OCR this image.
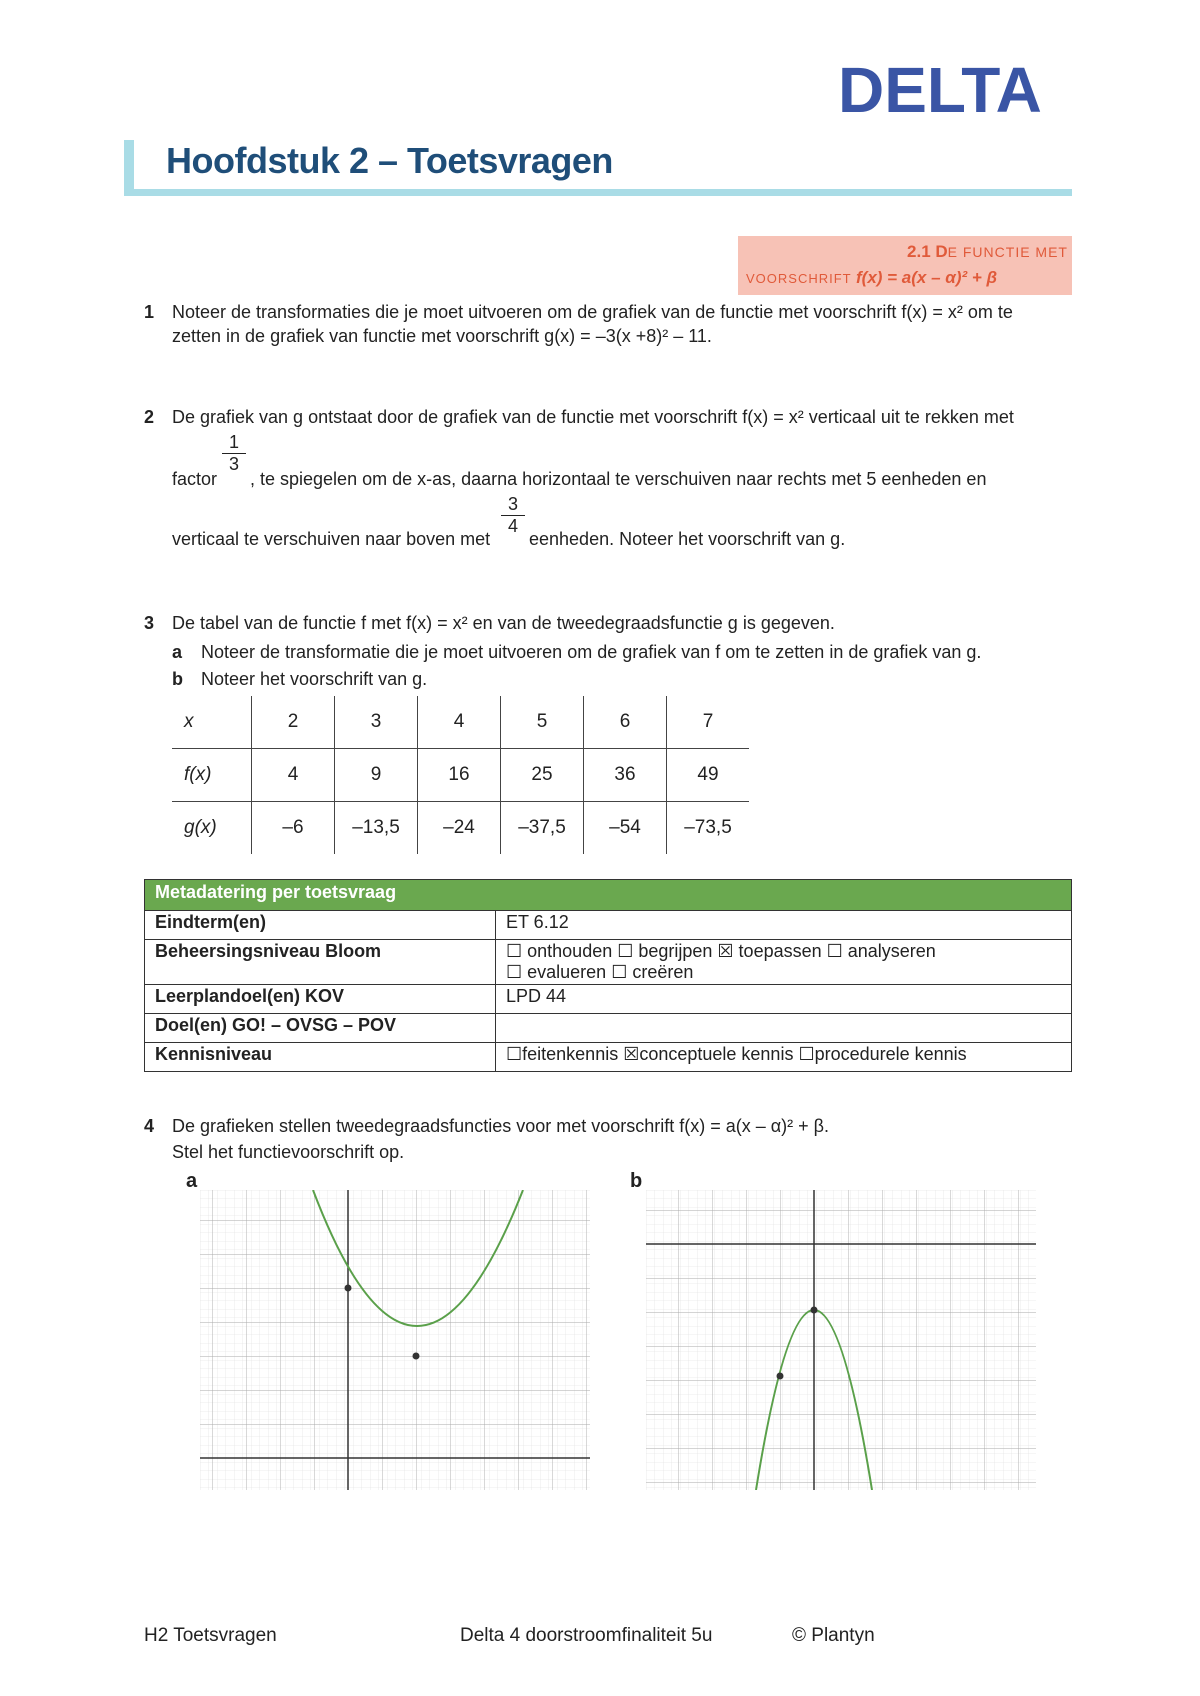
DELTA
Hoofdstuk 2 – Toetsvragen
2.1 DE FUNCTIE MET
VOORSCHRIFT f(x) = a(x – α)² + β
1 Noteer de transformaties die je moet uitvoeren om de grafiek van de functie met voorschrift f(x) = x² om te
zetten in de grafiek van functie met voorschrift g(x) = –3(x +8)² – 11.
2 De grafiek van g ontstaat door de grafiek van de functie met voorschrift f(x) = x² verticaal uit te rekken met
$\frac{1}{3}$
factor , te spiegelen om de x-as, daarna horizontaal te verschuiven naar rechts met 5 eenheden en
$\frac{3}{4}$
verticaal te verschuiven naar boven met eenheden. Noteer het voorschrift van g.
3 De tabel van de functie f met f(x) = x² en van de tweedegraadsfunctie g is gegeven.
a Noteer de transformatie die je moet uitvoeren om de grafiek van f om te zetten in de grafiek van g.
b Noteer het voorschrift van g.
x	2	3	4	5	6	7
f(x)	4	9	16	25	36	49
g(x)	–6	–13,5	–24	–37,5	–54	–73,5
Metadatering per toetsvraag	
Eindterm(en)	ET 6.12
Beheersingsniveau Bloom	☐ onthouden ☐ begrijpen ☒ toepassen ☐ analyseren
☐ evalueren ☐ creëren

Leerplandoel(en) KOV	LPD 44
Doel(en) GO! – OVSG – POV	
Kennisniveau	☐feitenkennis ☒conceptuele kennis ☐procedurele kennis
4 De grafieken stellen tweedegraadsfuncties voor met voorschrift f(x) = a(x – α)² + β.
Stel het functievoorschrift op.
a	b
H2 Toetsvragen	Delta 4 doorstroomfinaliteit 5u	© Plantyn
